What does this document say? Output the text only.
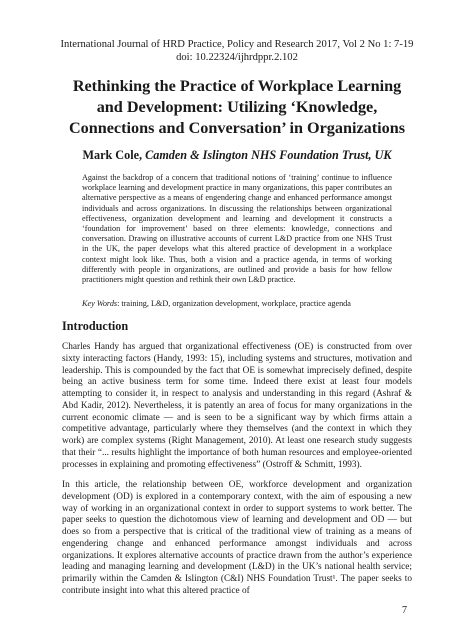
International Journal of HRD Practice, Policy and Research 2017, Vol 2 No 1: 7-19
doi: 10.22324/ijhrdppr.2.102
Rethinking the Practice of Workplace Learning
and Development: Utilizing ‘Knowledge,
Connections and Conversation’ in Organizations
Mark Cole, Camden & Islington NHS Foundation Trust, UK

Against the backdrop of a concern that traditional notions of ‘training’ continue to influence workplace learning and development practice in many organizations, this paper contributes an alternative perspective as a means of engendering change and enhanced performance amongst individuals and across organizations. In discussing the relationships between organizational effectiveness, organization development and learning and development it constructs a ‘foundation for improvement’ based on three elements: knowledge, connections and conversation. Drawing on illustrative accounts of current L&D practice from one NHS Trust in the UK, the paper develops what this altered practice of development in a workplace context might look like. Thus, both a vision and a practice agenda, in terms of working differently with people in organizations, are outlined and provide a basis for how fellow practitioners might question and rethink their own L&D practice.

Key Words: training, L&D, organization development, workplace, practice agenda

Introduction

Charles Handy has argued that organizational effectiveness (OE) is constructed from over sixty interacting factors (Handy, 1993: 15), including systems and structures, motivation and leadership. This is compounded by the fact that OE is somewhat imprecisely defined, despite being an active business term for some time. Indeed there exist at least four models attempting to consider it, in respect to analysis and understanding in this regard (Ashraf & Abd Kadir, 2012). Nevertheless, it is patently an area of focus for many organizations in the current economic climate — and is seen to be a significant way by which firms attain a competitive advantage, particularly where they themselves (and the context in which they work) are complex systems (Right Management, 2010). At least one research study suggests that their “... results highlight the importance of both human resources and employee-oriented processes in explaining and promoting effectiveness” (Ostroff & Schmitt, 1993).

In this article, the relationship between OE, workforce development and organization development (OD) is explored in a contemporary context, with the aim of espousing a new way of working in an organizational context in order to support systems to work better. The paper seeks to question the dichotomous view of learning and development and OD — but does so from a perspective that is critical of the traditional view of training as a means of engendering change and enhanced performance amongst individuals and across organizations. It explores alternative accounts of practice drawn from the author’s experience leading and managing learning and development (L&D) in the UK’s national health service; primarily within the Camden & Islington (C&I) NHS Foundation Trust¹. The paper seeks to contribute insight into what this altered practice of

7
